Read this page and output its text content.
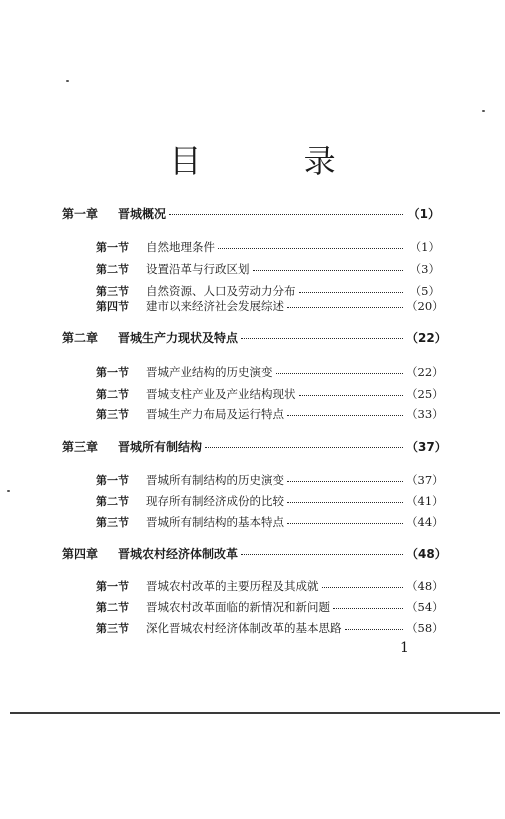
目 录
第一章	晋城概况	（1）
第一节	自然地理条件	（1）
第二节	设置沿革与行政区划	（3）
第三节	自然资源、人口及劳动力分布	（5）
第四节	建市以来经济社会发展综述	（20）
第二章	晋城生产力现状及特点	（22）
第一节	晋城产业结构的历史演变	（22）
第二节	晋城支柱产业及产业结构现状	（25）
第三节	晋城生产力布局及运行特点	（33）
第三章	晋城所有制结构	（37）
第一节	晋城所有制结构的历史演变	（37）
第二节	现存所有制经济成份的比较	（41）
第三节	晋城所有制结构的基本特点	（44）
第四章	晋城农村经济体制改革	（48）
第一节	晋城农村改革的主要历程及其成就	（48）
第二节	晋城农村改革面临的新情况和新问题	（54）
第三节	深化晋城农村经济体制改革的基本思路	（58）
1
